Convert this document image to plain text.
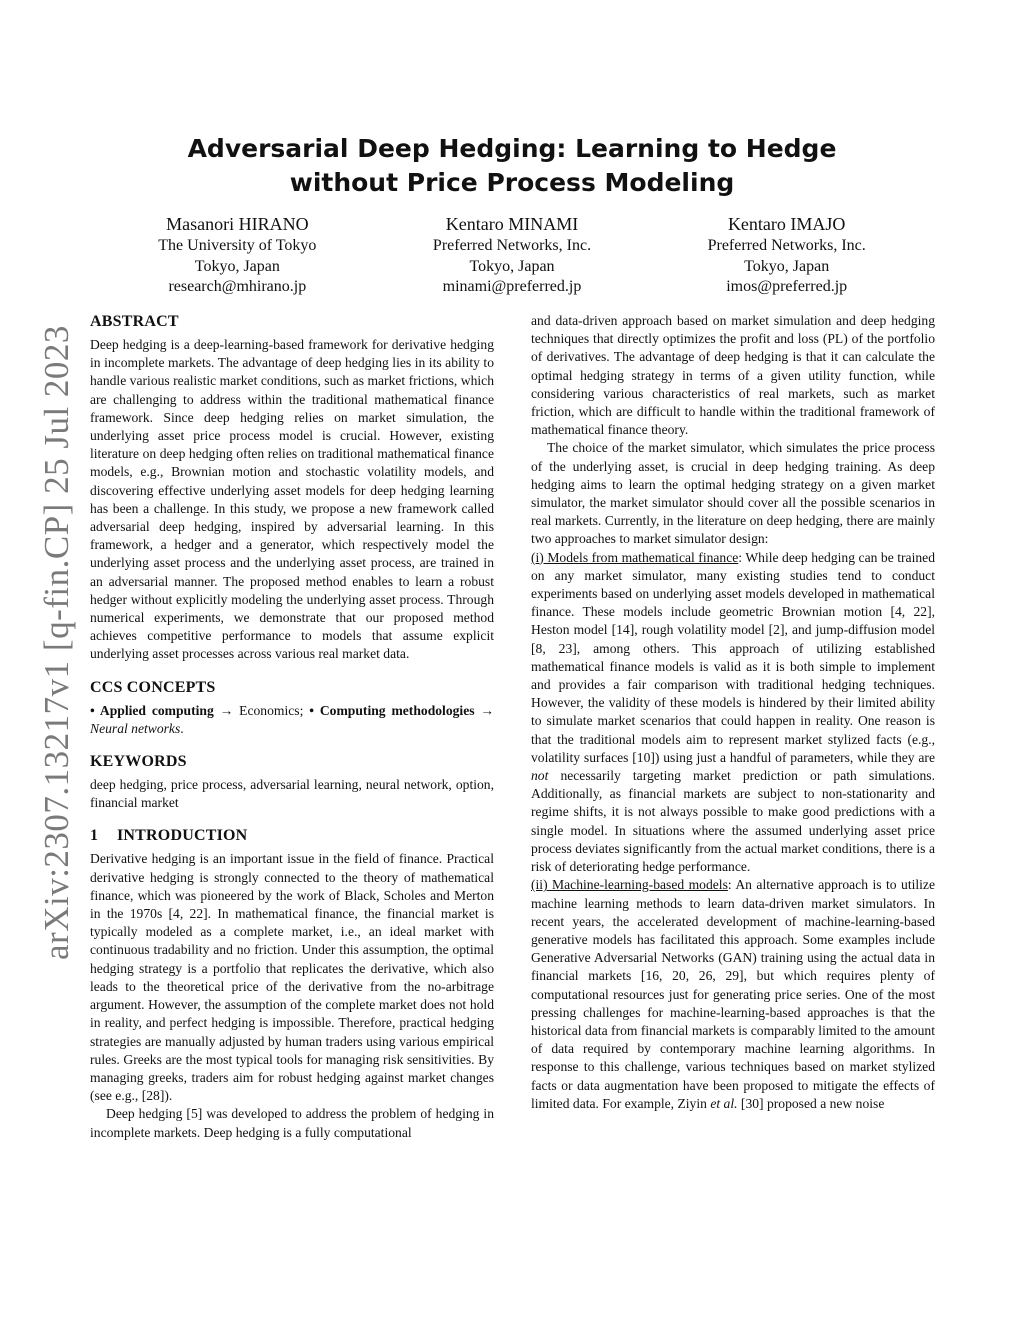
arXiv:2307.13217v1 [q-fin.CP] 25 Jul 2023
Adversarial Deep Hedging: Learning to Hedge
without Price Process Modeling
Masanori HIRANO
The University of Tokyo
Tokyo, Japan
research@mhirano.jp
Kentaro MINAMI
Preferred Networks, Inc.
Tokyo, Japan
minami@preferred.jp
Kentaro IMAJO
Preferred Networks, Inc.
Tokyo, Japan
imos@preferred.jp
ABSTRACT

Deep hedging is a deep-learning-based framework for derivative hedging in incomplete markets. The advantage of deep hedging lies in its ability to handle various realistic market conditions, such as market frictions, which are challenging to address within the traditional mathematical finance framework. Since deep hedging relies on market simulation, the underlying asset price process model is crucial. However, existing literature on deep hedging often relies on traditional mathematical finance models, e.g., Brownian motion and stochastic volatility models, and discovering effective underlying asset models for deep hedging learning has been a challenge. In this study, we propose a new framework called adversarial deep hedging, inspired by adversarial learning. In this framework, a hedger and a generator, which respectively model the underlying asset process and the underlying asset process, are trained in an adversarial manner. The proposed method enables to learn a robust hedger without explicitly modeling the underlying asset process. Through numerical experiments, we demonstrate that our proposed method achieves competitive performance to models that assume explicit underlying asset processes across various real market data.

CCS CONCEPTS

• Applied computing → Economics; • Computing methodologies → Neural networks.

KEYWORDS

deep hedging, price process, adversarial learning, neural network, option, financial market

1 INTRODUCTION

Derivative hedging is an important issue in the field of finance. Practical derivative hedging is strongly connected to the theory of mathematical finance, which was pioneered by the work of Black, Scholes and Merton in the 1970s [4, 22]. In mathematical finance, the financial market is typically modeled as a complete market, i.e., an ideal market with continuous tradability and no friction. Under this assumption, the optimal hedging strategy is a portfolio that replicates the derivative, which also leads to the theoretical price of the derivative from the no-arbitrage argument. However, the assumption of the complete market does not hold in reality, and perfect hedging is impossible. Therefore, practical hedging strategies are manually adjusted by human traders using various empirical rules. Greeks are the most typical tools for managing risk sensitivities. By managing greeks, traders aim for robust hedging against market changes (see e.g., [28]).

Deep hedging [5] was developed to address the problem of hedging in incomplete markets. Deep hedging is a fully computational

and data-driven approach based on market simulation and deep hedging techniques that directly optimizes the profit and loss (PL) of the portfolio of derivatives. The advantage of deep hedging is that it can calculate the optimal hedging strategy in terms of a given utility function, while considering various characteristics of real markets, such as market friction, which are difficult to handle within the traditional framework of mathematical finance theory.

The choice of the market simulator, which simulates the price process of the underlying asset, is crucial in deep hedging training. As deep hedging aims to learn the optimal hedging strategy on a given market simulator, the market simulator should cover all the possible scenarios in real markets. Currently, in the literature on deep hedging, there are mainly two approaches to market simulator design:

(i) Models from mathematical finance: While deep hedging can be trained on any market simulator, many existing studies tend to conduct experiments based on underlying asset models developed in mathematical finance. These models include geometric Brownian motion [4, 22], Heston model [14], rough volatility model [2], and jump-diffusion model [8, 23], among others. This approach of utilizing established mathematical finance models is valid as it is both simple to implement and provides a fair comparison with traditional hedging techniques. However, the validity of these models is hindered by their limited ability to simulate market scenarios that could happen in reality. One reason is that the traditional models aim to represent market stylized facts (e.g., volatility surfaces [10]) using just a handful of parameters, while they are not necessarily targeting market prediction or path simulations. Additionally, as financial markets are subject to non-stationarity and regime shifts, it is not always possible to make good predictions with a single model. In situations where the assumed underlying asset price process deviates significantly from the actual market conditions, there is a risk of deteriorating hedge performance.

(ii) Machine-learning-based models: An alternative approach is to utilize machine learning methods to learn data-driven market simulators. In recent years, the accelerated development of machine-learning-based generative models has facilitated this approach. Some examples include Generative Adversarial Networks (GAN) training using the actual data in financial markets [16, 20, 26, 29], but which requires plenty of computational resources just for generating price series. One of the most pressing challenges for machine-learning-based approaches is that the historical data from financial markets is comparably limited to the amount of data required by contemporary machine learning algorithms. In response to this challenge, various techniques based on market stylized facts or data augmentation have been proposed to mitigate the effects of limited data. For example, Ziyin et al. [30] proposed a new noise
